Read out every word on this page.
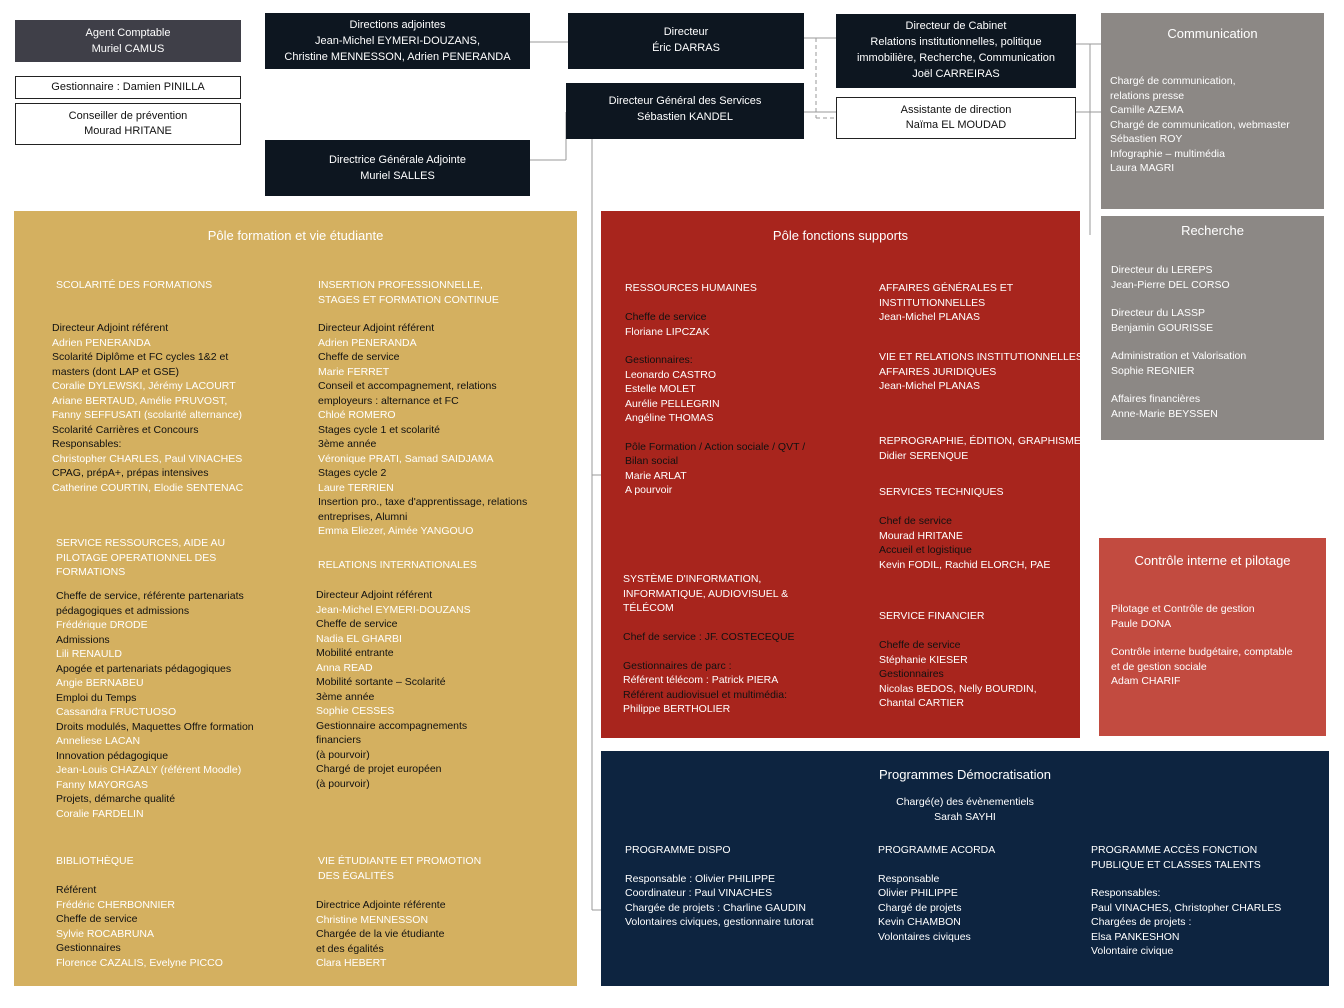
Agent Comptable
Muriel CAMUS
Gestionnaire : Damien PINILLA
Conseiller de prévention
Mourad HRITANE
Directions adjointes
Jean-Michel EYMERI-DOUZANS,
Christine MENNESSON, Adrien PENERANDA
Directeur
Éric DARRAS
Directeur Général des Services
Sébastien KANDEL
Directrice Générale Adjointe
Muriel SALLES
Directeur de Cabinet
Relations institutionnelles, politique
immobilière, Recherche, Communication
Joël CARREIRAS
Assistante de direction
Naïma EL MOUDAD
Communication
Chargé de communication,
relations presse
Camille AZEMA
Chargé de communication, webmaster
Sébastien ROY
Infographie – multimédia
Laura MAGRI
Recherche
Directeur du LEREPS
Jean-Pierre DEL CORSO
Directeur du LASSP
Benjamin GOURISSE
Administration et Valorisation
Sophie REGNIER
Affaires financières
Anne-Marie BEYSSEN
Contrôle interne et pilotage
Pilotage et Contrôle de gestion
Paule DONA
Contrôle interne budgétaire, comptable
et de gestion sociale
Adam CHARIF
Pôle formation et vie étudiante
SCOLARITÉ DES FORMATIONS
Directeur Adjoint référent
Adrien PENERANDA
Scolarité Diplôme et FC cycles 1&2 et
masters (dont LAP et GSE)
Coralie DYLEWSKI, Jérémy LACOURT
Ariane BERTAUD, Amélie PRUVOST,
Fanny SEFFUSATI (scolarité alternance)
Scolarité Carrières et Concours
Responsables:
Christopher CHARLES, Paul VINACHES
CPAG, prépA+, prépas intensives
Catherine COURTIN, Elodie SENTENAC
INSERTION PROFESSIONNELLE,
STAGES ET FORMATION CONTINUE
Directeur Adjoint référent
Adrien PENERANDA
Cheffe de service
Marie FERRET
Conseil et accompagnement, relations
employeurs : alternance et FC
Chloé ROMERO
Stages cycle 1 et scolarité
3ème année
Véronique PRATI, Samad SAIDJAMA
Stages cycle 2
Laure TERRIEN
Insertion pro., taxe d'apprentissage, relations
entreprises, Alumni
Emma Eliezer, Aimée YANGOUO
SERVICE RESSOURCES, AIDE AU
PILOTAGE OPERATIONNEL DES
FORMATIONS
Cheffe de service, référente partenariats
pédagogiques et admissions
Frédérique DRODE
Admissions
Lili RENAULD
Apogée et partenariats pédagogiques
Angie BERNABEU
Emploi du Temps
Cassandra FRUCTUOSO
Droits modulés, Maquettes Offre formation
Anneliese LACAN
Innovation pédagogique
Jean-Louis CHAZALY (référent Moodle)
Fanny MAYORGAS
Projets, démarche qualité
Coralie FARDELIN
RELATIONS INTERNATIONALES
Directeur Adjoint référent
Jean-Michel EYMERI-DOUZANS
Cheffe de service
Nadia EL GHARBI
Mobilité entrante
Anna READ
Mobilité sortante – Scolarité
3ème année
Sophie CESSES
Gestionnaire accompagnements
financiers
(à pourvoir)
Chargé de projet européen
(à pourvoir)
BIBLIOTHÈQUE
Référent
Frédéric CHERBONNIER
Cheffe de service
Sylvie ROCABRUNA
Gestionnaires
Florence CAZALIS, Evelyne PICCO
VIE ÉTUDIANTE ET PROMOTION
DES ÉGALITÉS
Directrice Adjointe référente
Christine MENNESSON
Chargée de la vie étudiante
et des égalités
Clara HEBERT
Pôle fonctions supports
RESSOURCES HUMAINES
Cheffe de service
Floriane LIPCZAK
Gestionnaires:
Leonardo CASTRO
Estelle MOLET
Aurélie PELLEGRIN
Angéline THOMAS
Pôle Formation / Action sociale / QVT /
Bilan social
Marie ARLAT
A pourvoir
SYSTÈME D'INFORMATION,
INFORMATIQUE, AUDIOVISUEL &
TÉLÉCOM
Chef de service : JF. COSTECEQUE
Gestionnaires de parc :
Référent télécom : Patrick PIERA
Référent audiovisuel et multimédia:
Philippe BERTHOLIER
AFFAIRES GÉNÉRALES ET
INSTITUTIONNELLES
Jean-Michel PLANAS
VIE ET RELATIONS INSTITUTIONNELLES,
AFFAIRES JURIDIQUES
Jean-Michel PLANAS
REPROGRAPHIE, ÉDITION, GRAPHISME
Didier SERENQUE
SERVICES TECHNIQUES
Chef de service
Mourad HRITANE
Accueil et logistique
Kevin FODIL, Rachid ELORCH, PAE
SERVICE FINANCIER
Cheffe de service
Stéphanie KIESER
Gestionnaires
Nicolas BEDOS, Nelly BOURDIN,
Chantal CARTIER
Programmes Démocratisation
Chargé(e) des évènementiels
Sarah SAYHI
PROGRAMME DISPO
Responsable : Olivier PHILIPPE
Coordinateur : Paul VINACHES
Chargée de projets : Charline GAUDIN
Volontaires civiques, gestionnaire tutorat
PROGRAMME ACORDA
Responsable
Olivier PHILIPPE
Chargé de projets
Kevin CHAMBON
Volontaires civiques
PROGRAMME ACCÈS FONCTION
PUBLIQUE ET CLASSES TALENTS
Responsables:
Paul VINACHES, Christopher CHARLES
Chargées de projets :
Elsa PANKESHON
Volontaire civique
